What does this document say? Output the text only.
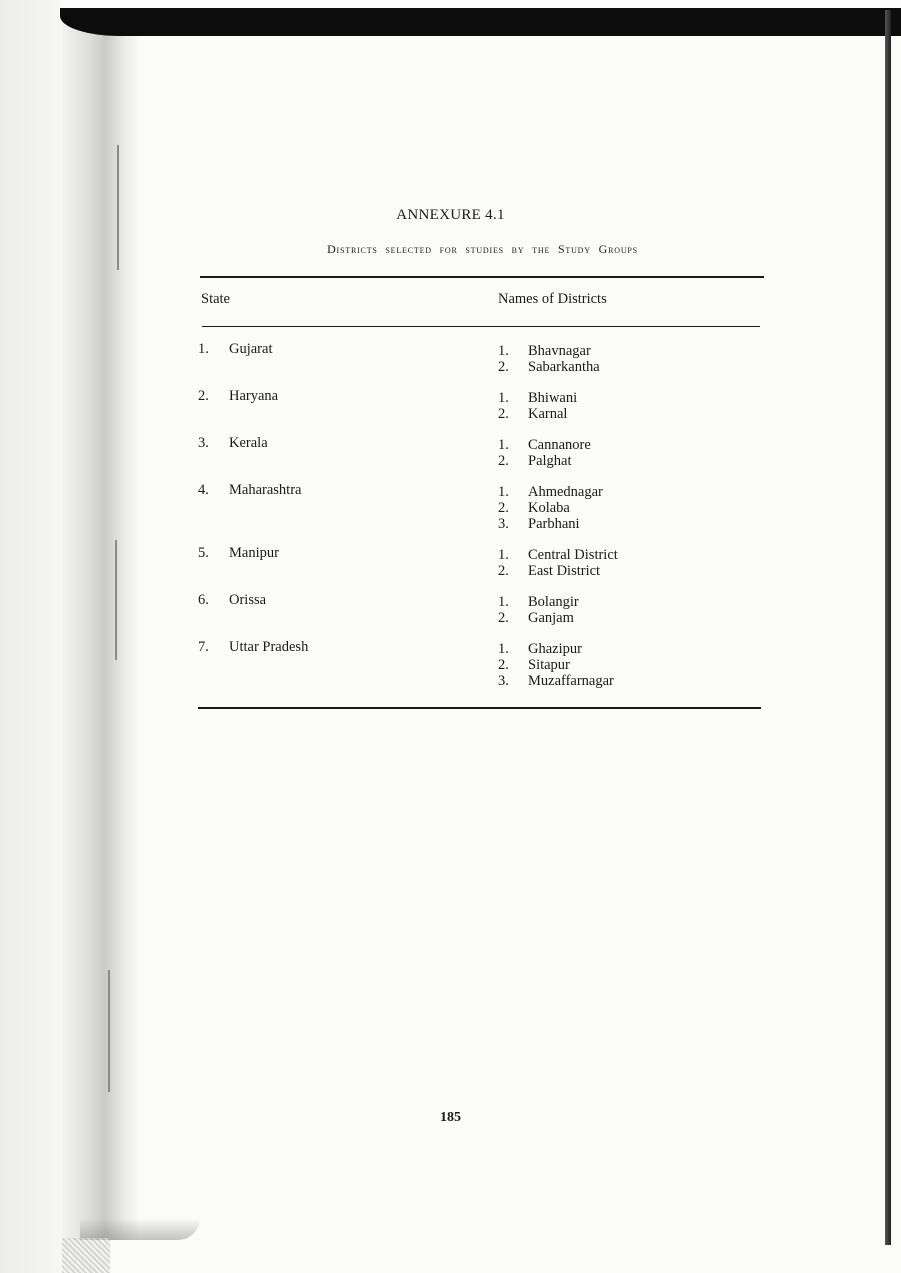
ANNEXURE 4.1
Districts selected for studies by the Study Groups
State	Names of Districts
185
1. Gujarat	1. Bhavnagar
2. Sabarkantha
2. Haryana	1. Bhiwani
2. Karnal
3. Kerala	1. Cannanore
2. Palghat
4. Maharashtra	1. Ahmednagar
2. Kolaba
3. Parbhani
5. Manipur	1. Central District
2. East District
6. Orissa	1. Bolangir
2. Ganjam
7. Uttar Pradesh	1. Ghazipur
2. Sitapur
3. Muzaffarnagar
